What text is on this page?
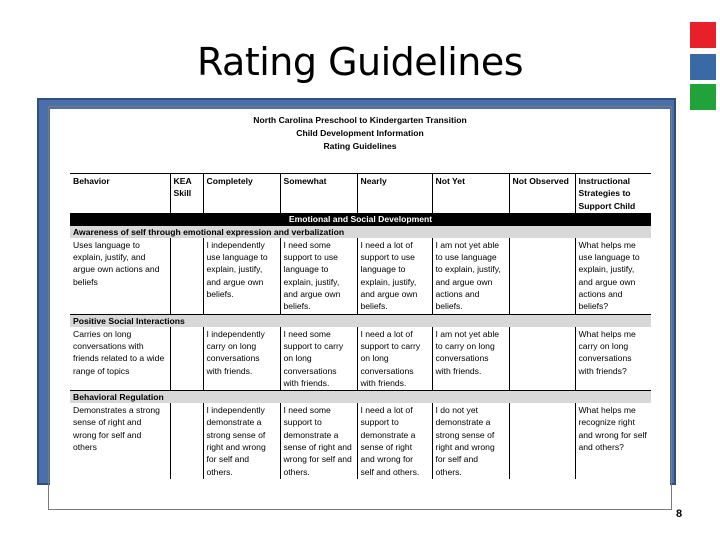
Rating Guidelines
North Carolina Preschool to Kindergarten Transition
Child Development Information
Rating Guidelines
Behavior	KEA Skill	Completely	Somewhat	Nearly	Not Yet	Not Observed	Instructional Strategies to Support Child
Emotional and Social Development							
Awareness of self through emotional expression and verbalization							
Uses language to explain, justify, and argue own actions and beliefs		I independently use language to explain, justify, and argue own beliefs.	I need some support to use language to explain, justify, and argue own beliefs.	I need a lot of support to use language to explain, justify, and argue own beliefs.	I am not yet able to use language to explain, justify, and argue own actions and beliefs.		What helps me use language to explain, justify, and argue own actions and beliefs?
Positive Social Interactions							
Carries on long conversations with friends related to a wide range of topics		I independently carry on long conversations with friends.	I need some support to carry on long conversations with friends.	I need a lot of support to carry on long conversations with friends.	I am not yet able to carry on long conversations with friends.		What helps me carry on long conversations with friends?
Behavioral Regulation							
Demonstrates a strong sense of right and wrong for self and others		I independently demonstrate a strong sense of right and wrong for self and others.	I need some support to demonstrate a sense of right and wrong for self and others.	I need a lot of support to demonstrate a sense of right and wrong for self and others.	I do not yet demonstrate a strong sense of right and wrong for self and others.		What helps me recognize right and wrong for self and others?
8
